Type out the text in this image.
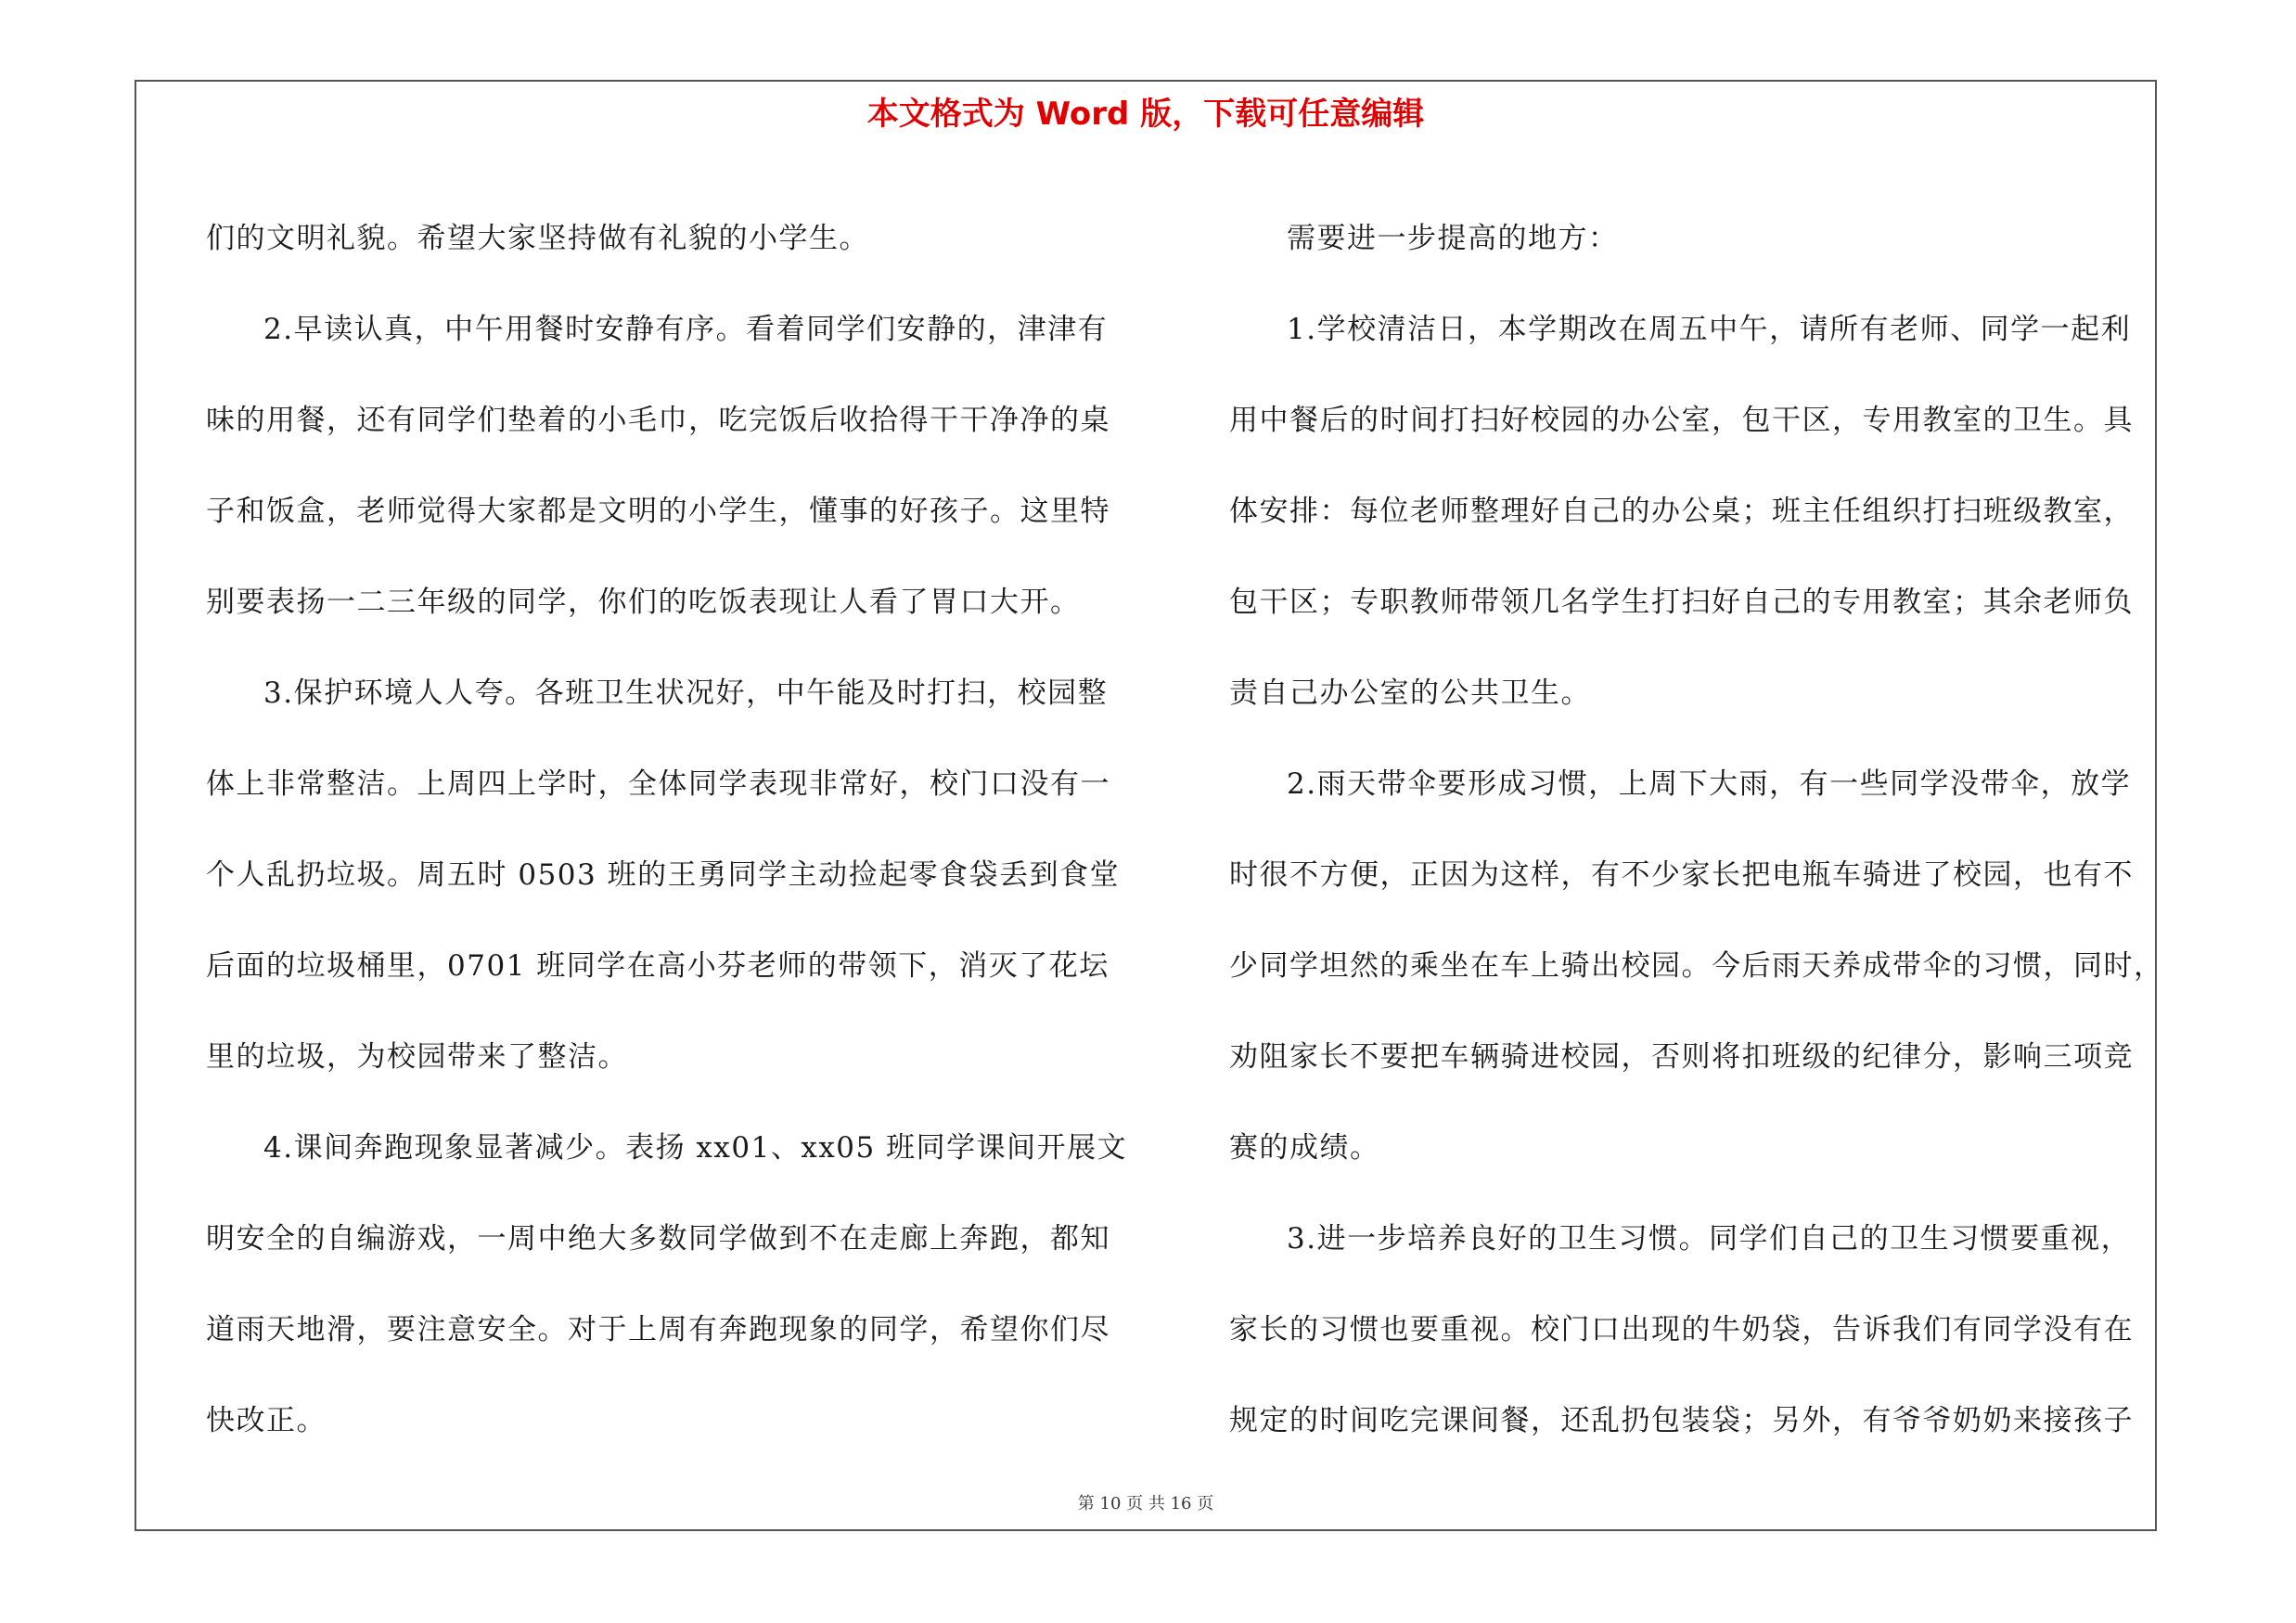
本文格式为 Word 版，下载可任意编辑
们的文明礼貌。希望大家坚持做有礼貌的小学生。
2.早读认真，中午用餐时安静有序。看着同学们安静的，津津有
味的用餐，还有同学们垫着的小毛巾，吃完饭后收拾得干干净净的桌
子和饭盒，老师觉得大家都是文明的小学生，懂事的好孩子。这里特
别要表扬一二三年级的同学，你们的吃饭表现让人看了胃口大开。
3.保护环境人人夸。各班卫生状况好，中午能及时打扫，校园整
体上非常整洁。上周四上学时，全体同学表现非常好，校门口没有一
个人乱扔垃圾。周五时 0503 班的王勇同学主动捡起零食袋丢到食堂
后面的垃圾桶里，0701 班同学在高小芬老师的带领下，消灭了花坛
里的垃圾，为校园带来了整洁。
4.课间奔跑现象显著减少。表扬 xx01、xx05 班同学课间开展文
明安全的自编游戏，一周中绝大多数同学做到不在走廊上奔跑，都知
道雨天地滑，要注意安全。对于上周有奔跑现象的同学，希望你们尽
快改正。
需要进一步提高的地方：
1.学校清洁日，本学期改在周五中午，请所有老师、同学一起利
用中餐后的时间打扫好校园的办公室，包干区，专用教室的卫生。具
体安排：每位老师整理好自己的办公桌；班主任组织打扫班级教室，
包干区；专职教师带领几名学生打扫好自己的专用教室；其余老师负
责自己办公室的公共卫生。
2.雨天带伞要形成习惯，上周下大雨，有一些同学没带伞，放学
时很不方便，正因为这样，有不少家长把电瓶车骑进了校园，也有不
少同学坦然的乘坐在车上骑出校园。今后雨天养成带伞的习惯，同时，
劝阻家长不要把车辆骑进校园，否则将扣班级的纪律分，影响三项竞
赛的成绩。
3.进一步培养良好的卫生习惯。同学们自己的卫生习惯要重视，
家长的习惯也要重视。校门口出现的牛奶袋，告诉我们有同学没有在
规定的时间吃完课间餐，还乱扔包装袋；另外，有爷爷奶奶来接孩子
第 10 页 共 16 页
